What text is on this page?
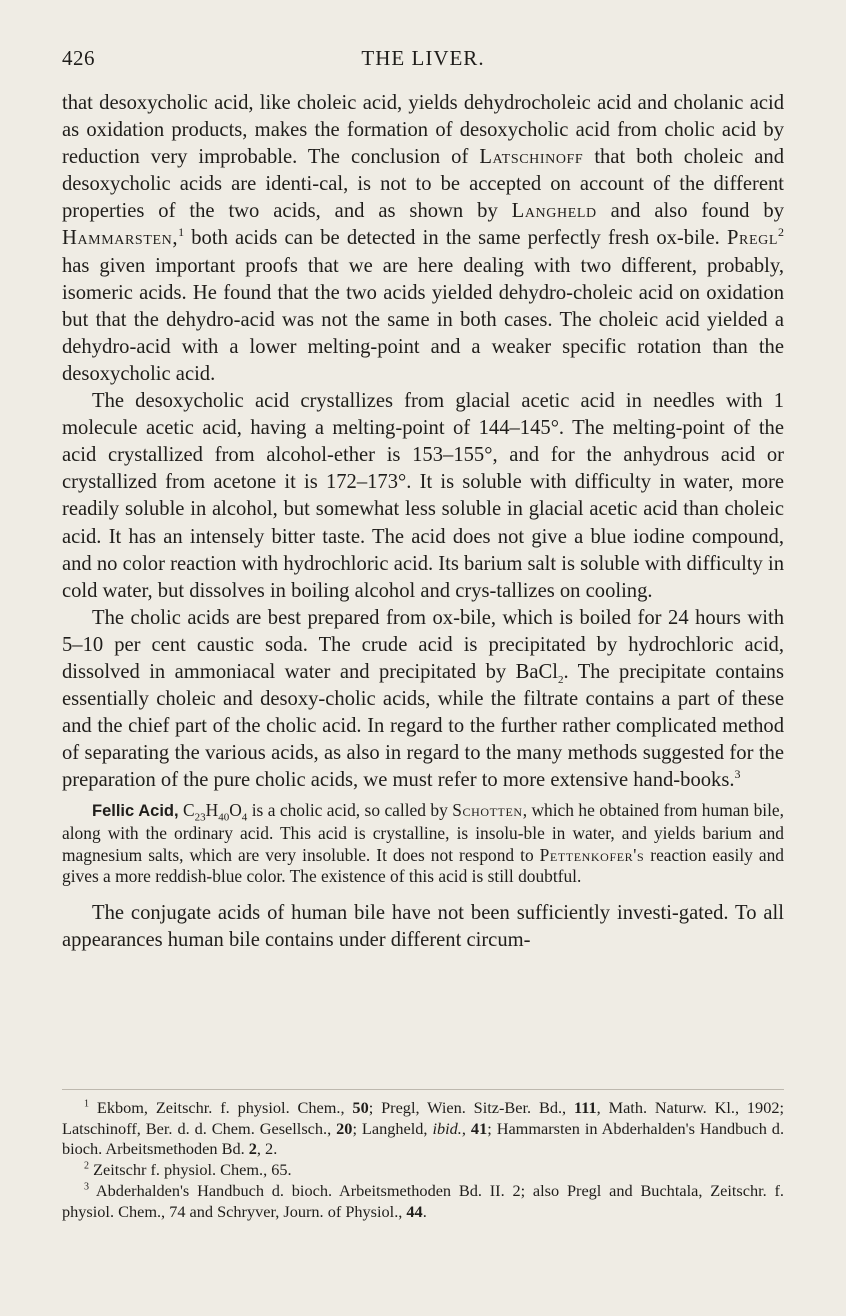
426	THE LIVER.

that desoxycholic acid, like choleic acid, yields dehydrocholeic acid and cholanic acid as oxidation products, makes the formation of desoxycholic acid from cholic acid by reduction very improbable. The conclusion of Latschinoff that both choleic and desoxycholic acids are identi-cal, is not to be accepted on account of the different properties of the two acids, and as shown by Langheld and also found by Hammarsten,$^1$ both acids can be detected in the same perfectly fresh ox-bile. Pregl$^2$ has given important proofs that we are here dealing with two different, probably, isomeric acids. He found that the two acids yielded dehydro-choleic acid on oxidation but that the dehydro-acid was not the same in both cases. The choleic acid yielded a dehydro-acid with a lower melting-point and a weaker specific rotation than the desoxycholic acid.

The desoxycholic acid crystallizes from glacial acetic acid in needles with 1 molecule acetic acid, having a melting-point of 144–145°. The melting-point of the acid crystallized from alcohol-ether is 153–155°, and for the anhydrous acid or crystallized from acetone it is 172–173°. It is soluble with difficulty in water, more readily soluble in alcohol, but somewhat less soluble in glacial acetic acid than choleic acid. It has an intensely bitter taste. The acid does not give a blue iodine compound, and no color reaction with hydrochloric acid. Its barium salt is soluble with difficulty in cold water, but dissolves in boiling alcohol and crys-tallizes on cooling.

The cholic acids are best prepared from ox-bile, which is boiled for 24 hours with 5–10 per cent caustic soda. The crude acid is precipitated by hydrochloric acid, dissolved in ammoniacal water and precipitated by BaCl$_2$. The precipitate contains essentially choleic and desoxy-cholic acids, while the filtrate contains a part of these and the chief part of the cholic acid. In regard to the further rather complicated method of separating the various acids, as also in regard to the many methods suggested for the preparation of the pure cholic acids, we must refer to more extensive hand-books.$^3$

Fellic Acid, $C_{23}H_{40}O_4$ is a cholic acid, so called by Schotten, which he obtained from human bile, along with the ordinary acid. This acid is crystalline, is insolu-ble in water, and yields barium and magnesium salts, which are very insoluble. It does not respond to Pettenkofer's reaction easily and gives a more reddish-blue color. The existence of this acid is still doubtful.

The conjugate acids of human bile have not been sufficiently investi-gated. To all appearances human bile contains under different circum-

$^1$ Ekbom, Zeitschr. f. physiol. Chem., 50; Pregl, Wien. Sitz-Ber. Bd., 111, Math. Naturw. Kl., 1902; Latschinoff, Ber. d. d. Chem. Gesellsch., 20; Langheld, ibid., 41; Hammarsten in Abderhalden's Handbuch d. bioch. Arbeitsmethoden Bd. 2, 2.

$^2$ Zeitschr f. physiol. Chem., 65.

$^3$ Abderhalden's Handbuch d. bioch. Arbeitsmethoden Bd. II. 2; also Pregl and Buchtala, Zeitschr. f. physiol. Chem., 74 and Schryver, Journ. of Physiol., 44.
